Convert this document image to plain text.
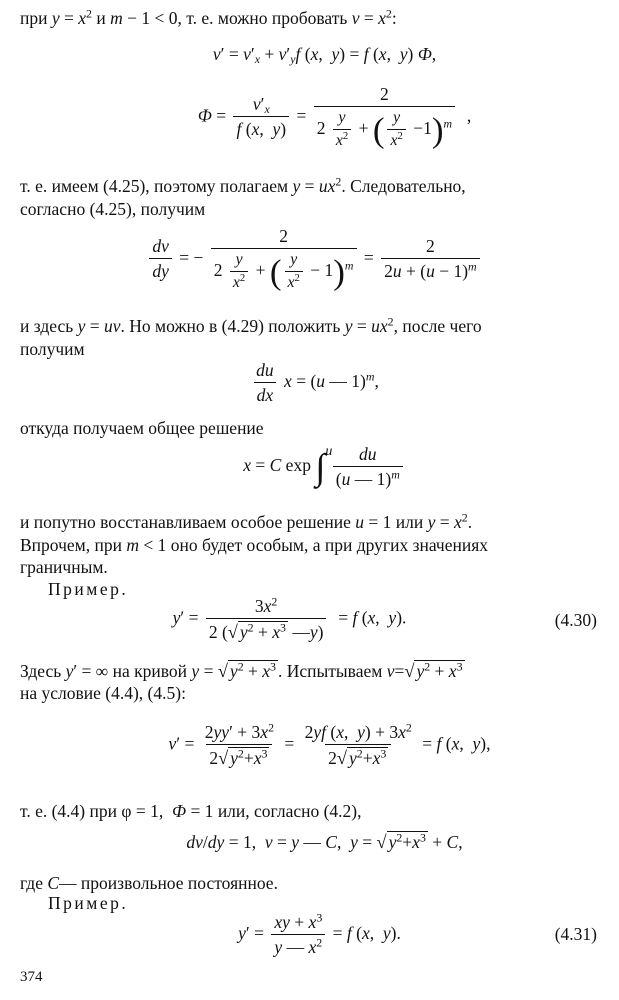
при $y = x^2$ и m − 1 < 0, т. е. можно пробовать $v = x^2$:
$v' = v'_x + v'_yf$ (x,  y) = f (x,  y) Ф,
$Ф = \frac{v'_x}{f (x, y)} = \frac{2}{2 \frac{y}{x^2} + ( \frac{y}{x^2} -1)^m}$ ,
т. е. имеем (4.25), поэтому полагаем $y = ux^2$. Следовательно,
согласно (4.25), получим
$\frac{dv}{dy}$ = − $\frac{2}{2 \frac{y}{x^2} + ( \frac{y}{x^2} - 1)^m} = \frac{2}{2u + (u - 1)^m}$
и здесь y = uv. Но можно в (4.29) положить $y = ux^2$, после чего
получим
$\frac{du}{dx}$ x = (u — 1)$^m$,
откуда получаем общее решение
x = C exp ∫ u
$\frac{du}{(u — 1)^m}$
и попутно восстанавливаем особое решение u = 1 или $y = x^2$.
Впрочем, при m < 1 оно будет особым, а при других значениях
граничным.
Пример.
$y' = \frac{3x^2}{2 (√ y^2 + x^3 —y)} = f$ (x,  y).	(4.30)
Здесь y′ = ∞ на кривой y = √ $y^2 + x^3$ . Испытываем v=√ $y^2 + x^3$
на условие (4.4), (4.5):
$v' = \frac{2yy' + 3x^2}{2√ y^2+x^3} = \frac{2yf (x, y) + 3x^2}{2√ y^2+x^3} = f$ (x,  y),
т. е. (4.4) при φ = 1,  Ф = 1 или, согласно (4.2),
dv/dy = 1,  v = y — C,  y = √ $y^2+x^3 + C$,
где C— произвольное постоянное.
Пример.
$y' = \frac{xy + x^3}{y — x^2} = f$ (x,  y).	(4.31)
374
